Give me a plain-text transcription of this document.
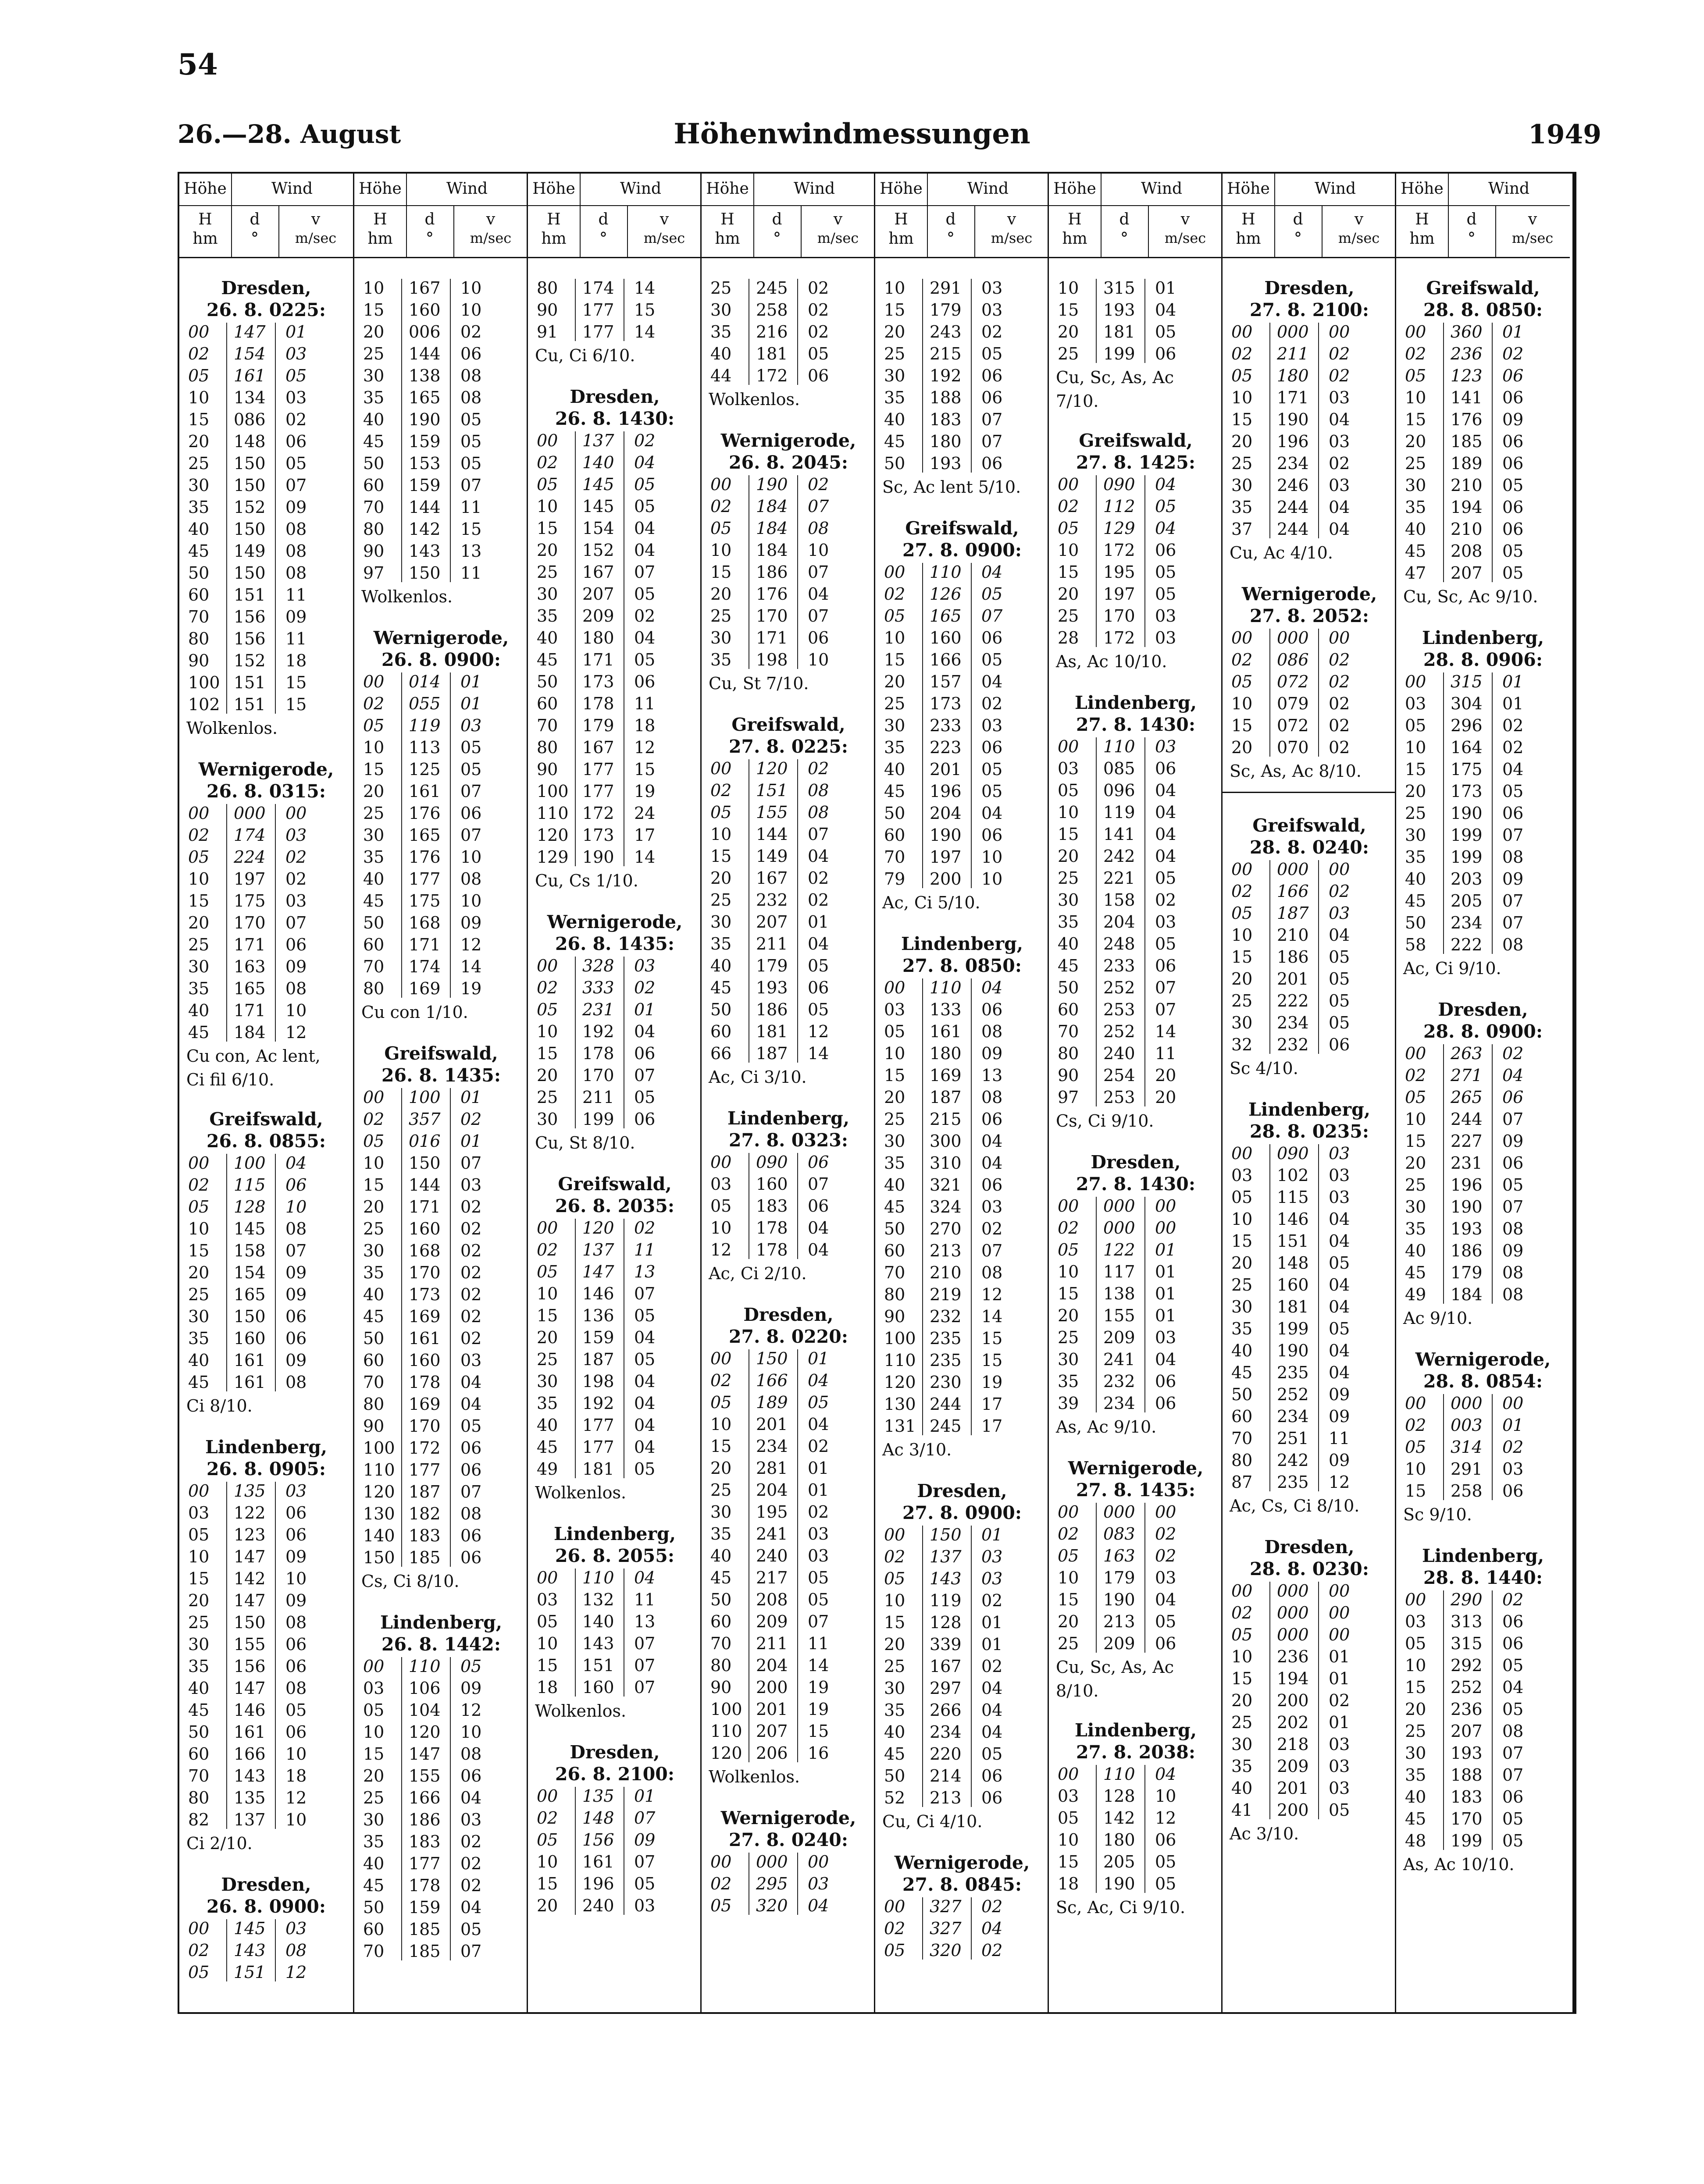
54
26.—28. August	Höhenwindmessungen	1949
Höhe	Wind
H	d	v
hm	°	m/sec
Dresden,
26. 8. 0225:
00 147 01
02 154 03
05 161 05
10 134 03
15 086 02
20 148 06
25 150 05
30 150 07
35 152 09
40 150 08
45 149 08
50 150 08
60 151 11
70 156 09
80 156 11
90 152 18
100 151 15
102 151 15
Wolkenlos.
Wernigerode,
26. 8. 0315:
00 000 00
02 174 03
05 224 02
10 197 02
15 175 03
20 170 07
25 171 06
30 163 09
35 165 08
40 171 10
45 184 12
Cu con, Ac lent,
Ci fil 6/10.
Greifswald,
26. 8. 0855:
00 100 04
02 115 06
05 128 10
10 145 08
15 158 07
20 154 09
25 165 09
30 150 06
35 160 06
40 161 09
45 161 08
Ci 8/10.
Lindenberg,
26. 8. 0905:
00 135 03
03 122 06
05 123 06
10 147 09
15 142 10
20 147 09
25 150 08
30 155 06
35 156 06
40 147 08
45 146 05
50 161 06
60 166 10
70 143 18
80 135 12
82 137 10
Ci 2/10.
Dresden,
26. 8. 0900:
00 145 03
02 143 08
05 151 12
Höhe	Wind
H	d	v
hm	°	m/sec
10 167 10
15 160 10
20 006 02
25 144 06
30 138 08
35 165 08
40 190 05
45 159 05
50 153 05
60 159 07
70 144 11
80 142 15
90 143 13
97 150 11
Wolkenlos.
Wernigerode,
26. 8. 0900:
00 014 01
02 055 01
05 119 03
10 113 05
15 125 05
20 161 07
25 176 06
30 165 07
35 176 10
40 177 08
45 175 10
50 168 09
60 171 12
70 174 14
80 169 19
Cu con 1/10.
Greifswald,
26. 8. 1435:
00 100 01
02 357 02
05 016 01
10 150 07
15 144 03
20 171 02
25 160 02
30 168 02
35 170 02
40 173 02
45 169 02
50 161 02
60 160 03
70 178 04
80 169 04
90 170 05
100 172 06
110 177 06
120 187 07
130 182 08
140 183 06
150 185 06
Cs, Ci 8/10.
Lindenberg,
26. 8. 1442:
00 110 05
03 106 09
05 104 12
10 120 10
15 147 08
20 155 06
25 166 04
30 186 03
35 183 02
40 177 02
45 178 02
50 159 04
60 185 05
70 185 07
Höhe	Wind
H	d	v
hm	°	m/sec
80 174 14
90 177 15
91 177 14
Cu, Ci 6/10.
Dresden,
26. 8. 1430:
00 137 02
02 140 04
05 145 05
10 145 05
15 154 04
20 152 04
25 167 07
30 207 05
35 209 02
40 180 04
45 171 05
50 173 06
60 178 11
70 179 18
80 167 12
90 177 15
100 177 19
110 172 24
120 173 17
129 190 14
Cu, Cs 1/10.
Wernigerode,
26. 8. 1435:
00 328 03
02 333 02
05 231 01
10 192 04
15 178 06
20 170 07
25 211 05
30 199 06
Cu, St 8/10.
Greifswald,
26. 8. 2035:
00 120 02
02 137 11
05 147 13
10 146 07
15 136 05
20 159 04
25 187 05
30 198 04
35 192 04
40 177 04
45 177 04
49 181 05
Wolkenlos.
Lindenberg,
26. 8. 2055:
00 110 04
03 132 11
05 140 13
10 143 07
15 151 07
18 160 07
Wolkenlos.
Dresden,
26. 8. 2100:
00 135 01
02 148 07
05 156 09
10 161 07
15 196 05
20 240 03
Höhe	Wind
H	d	v
hm	°	m/sec
25 245 02
30 258 02
35 216 02
40 181 05
44 172 06
Wolkenlos.
Wernigerode,
26. 8. 2045:
00 190 02
02 184 07
05 184 08
10 184 10
15 186 07
20 176 04
25 170 07
30 171 06
35 198 10
Cu, St 7/10.
Greifswald,
27. 8. 0225:
00 120 02
02 151 08
05 155 08
10 144 07
15 149 04
20 167 02
25 232 02
30 207 01
35 211 04
40 179 05
45 193 06
50 186 05
60 181 12
66 187 14
Ac, Ci 3/10.
Lindenberg,
27. 8. 0323:
00 090 06
03 160 07
05 183 06
10 178 04
12 178 04
Ac, Ci 2/10.
Dresden,
27. 8. 0220:
00 150 01
02 166 04
05 189 05
10 201 04
15 234 02
20 281 01
25 204 01
30 195 02
35 241 03
40 240 03
45 217 05
50 208 05
60 209 07
70 211 11
80 204 14
90 200 19
100 201 19
110 207 15
120 206 16
Wolkenlos.
Wernigerode,
27. 8. 0240:
00 000 00
02 295 03
05 320 04
Höhe	Wind
H	d	v
hm	°	m/sec
10 291 03
15 179 03
20 243 02
25 215 05
30 192 06
35 188 06
40 183 07
45 180 07
50 193 06
Sc, Ac lent 5/10.
Greifswald,
27. 8. 0900:
00 110 04
02 126 05
05 165 07
10 160 06
15 166 05
20 157 04
25 173 02
30 233 03
35 223 06
40 201 05
45 196 05
50 204 04
60 190 06
70 197 10
79 200 10
Ac, Ci 5/10.
Lindenberg,
27. 8. 0850:
00 110 04
03 133 06
05 161 08
10 180 09
15 169 13
20 187 08
25 215 06
30 300 04
35 310 04
40 321 06
45 324 03
50 270 02
60 213 07
70 210 08
80 219 12
90 232 14
100 235 15
110 235 15
120 230 19
130 244 17
131 245 17
Ac 3/10.
Dresden,
27. 8. 0900:
00 150 01
02 137 03
05 143 03
10 119 02
15 128 01
20 339 01
25 167 02
30 297 04
35 266 04
40 234 04
45 220 05
50 214 06
52 213 06
Cu, Ci 4/10.
Wernigerode,
27. 8. 0845:
00 327 02
02 327 04
05 320 02
Höhe	Wind
H	d	v
hm	°	m/sec
10 315 01
15 193 04
20 181 05
25 199 06
Cu, Sc, As, Ac
7/10.
Greifswald,
27. 8. 1425:
00 090 04
02 112 05
05 129 04
10 172 06
15 195 05
20 197 05
25 170 03
28 172 03
As, Ac 10/10.
Lindenberg,
27. 8. 1430:
00 110 03
03 085 06
05 096 04
10 119 04
15 141 04
20 242 04
25 221 05
30 158 02
35 204 03
40 248 05
45 233 06
50 252 07
60 253 07
70 252 14
80 240 11
90 254 20
97 253 20
Cs, Ci 9/10.
Dresden,
27. 8. 1430:
00 000 00
02 000 00
05 122 01
10 117 01
15 138 01
20 155 01
25 209 03
30 241 04
35 232 06
39 234 06
As, Ac 9/10.
Wernigerode,
27. 8. 1435:
00 000 00
02 083 02
05 163 02
10 179 03
15 190 04
20 213 05
25 209 06
Cu, Sc, As, Ac
8/10.
Lindenberg,
27. 8. 2038:
00 110 04
03 128 10
05 142 12
10 180 06
15 205 05
18 190 05
Sc, Ac, Ci 9/10.
Höhe	Wind
H	d	v
hm	°	m/sec
Dresden,
27. 8. 2100:
00 000 00
02 211 02
05 180 02
10 171 03
15 190 04
20 196 03
25 234 02
30 246 03
35 244 04
37 244 04
Cu, Ac 4/10.
Wernigerode,
27. 8. 2052:
00 000 00
02 086 02
05 072 02
10 079 02
15 072 02
20 070 02
Sc, As, Ac 8/10.
Greifswald,
28. 8. 0240:
00 000 00
02 166 02
05 187 03
10 210 04
15 186 05
20 201 05
25 222 05
30 234 05
32 232 06
Sc 4/10.
Lindenberg,
28. 8. 0235:
00 090 03
03 102 03
05 115 03
10 146 04
15 151 04
20 148 05
25 160 04
30 181 04
35 199 05
40 190 04
45 235 04
50 252 09
60 234 09
70 251 11
80 242 09
87 235 12
Ac, Cs, Ci 8/10.
Dresden,
28. 8. 0230:
00 000 00
02 000 00
05 000 00
10 236 01
15 194 01
20 200 02
25 202 01
30 218 03
35 209 03
40 201 03
41 200 05
Ac 3/10.
Höhe	Wind
H	d	v
hm	°	m/sec
Greifswald,
28. 8. 0850:
00 360 01
02 236 02
05 123 06
10 141 06
15 176 09
20 185 06
25 189 06
30 210 05
35 194 06
40 210 06
45 208 05
47 207 05
Cu, Sc, Ac 9/10.
Lindenberg,
28. 8. 0906:
00 315 01
03 304 01
05 296 02
10 164 02
15 175 04
20 173 05
25 190 06
30 199 07
35 199 08
40 203 09
45 205 07
50 234 07
58 222 08
Ac, Ci 9/10.
Dresden,
28. 8. 0900:
00 263 02
02 271 04
05 265 06
10 244 07
15 227 09
20 231 06
25 196 05
30 190 07
35 193 08
40 186 09
45 179 08
49 184 08
Ac 9/10.
Wernigerode,
28. 8. 0854:
00 000 00
02 003 01
05 314 02
10 291 03
15 258 06
Sc 9/10.
Lindenberg,
28. 8. 1440:
00 290 02
03 313 06
05 315 06
10 292 05
15 252 04
20 236 05
25 207 08
30 193 07
35 188 07
40 183 06
45 170 05
48 199 05
As, Ac 10/10.
